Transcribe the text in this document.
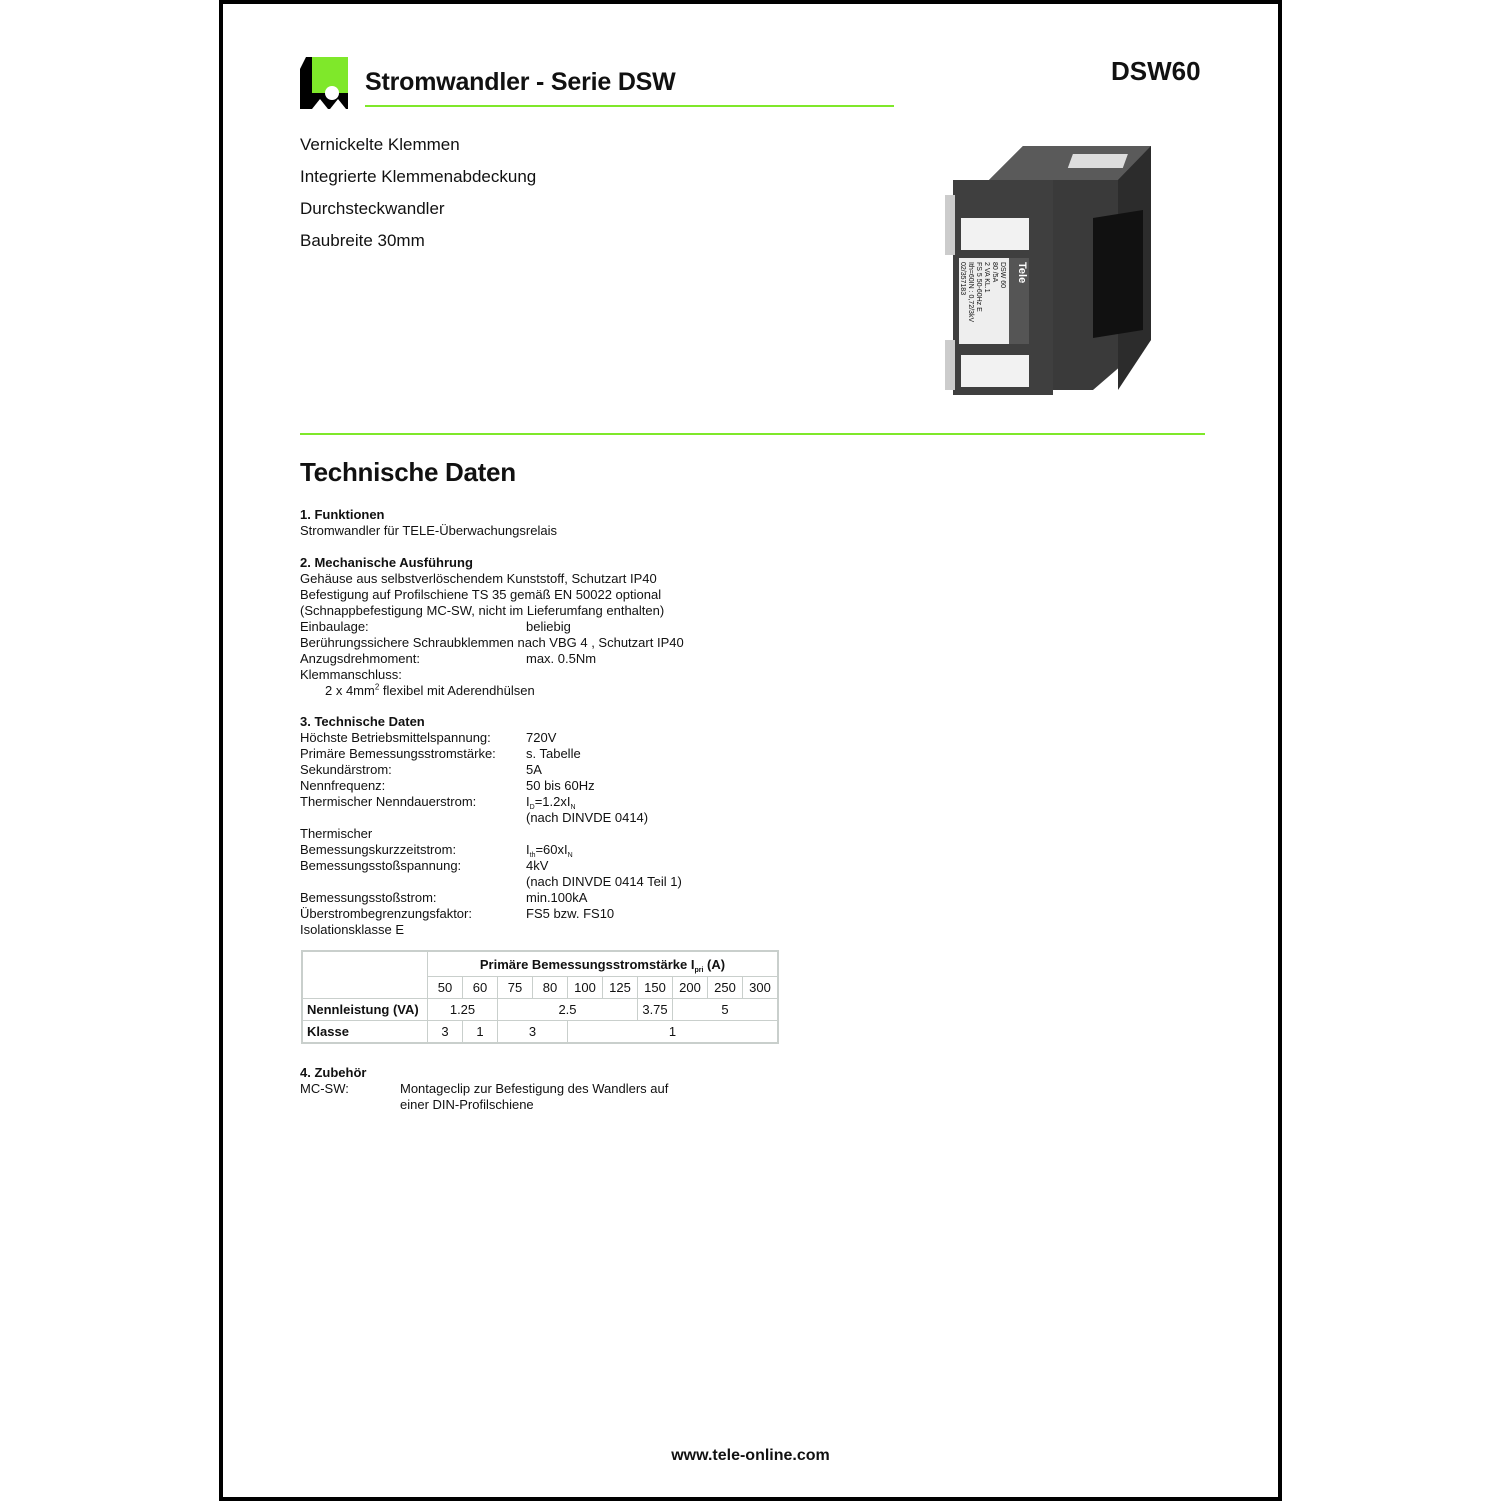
Stromwandler - Serie DSW	DSW60
Vernickelte Klemmen
Integrierte Klemmenabdeckung
Durchsteckwandler
Baubreite 30mm
Tele
DSW 60
80 /5A
2 VA KL.1
FS 5 50-60Hz E
Ith=60IN : 0,72/3kV
02/357183
Technische Daten
1. Funktionen
Stromwandler für TELE-Überwachungsrelais
2. Mechanische Ausführung
Gehäuse aus selbstverlöschendem Kunststoff, Schutzart IP40
Befestigung auf Profilschiene TS 35 gemäß EN 50022 optional
(Schnappbefestigung MC-SW, nicht im Lieferumfang enthalten)
Einbaulage:	beliebig
Berührungssichere Schraubklemmen nach VBG 4 , Schutzart IP40
Anzugsdrehmoment:	max. 0.5Nm
Klemmanschluss:
2 x $4mm^2$ flexibel mit Aderendhülsen
3. Technische Daten
Höchste Betriebsmittelspannung:	720V
Primäre Bemessungsstromstärke:	s. Tabelle
Sekundärstrom:	5A
Nennfrequenz:	50 bis 60Hz
Thermischer Nenndauerstrom:	$I_D=1.2xI_N$
(nach DINVDE 0414)
Thermischer
Bemessungskurzzeitstrom:	$I_{th}=60xI_N$
Bemessungsstoßspannung:	4kV
(nach DINVDE 0414 Teil 1)
Bemessungsstoßstrom:	min.100kA
Überstrombegrenzungsfaktor:	FS5 bzw. FS10
Isolationsklasse E
	Primäre Bemessungsstromstärke $I_{pri}$ (A)									
	50	60	75	80	100	125	150	200	250	300
Nennleistung (VA)	1.25		2.5				3.75	5		
Klasse	3	1	3		1					
4. Zubehör
MC-SW:	Montageclip zur Befestigung des Wandlers auf
einer DIN-Profilschiene
www.tele-online.com
